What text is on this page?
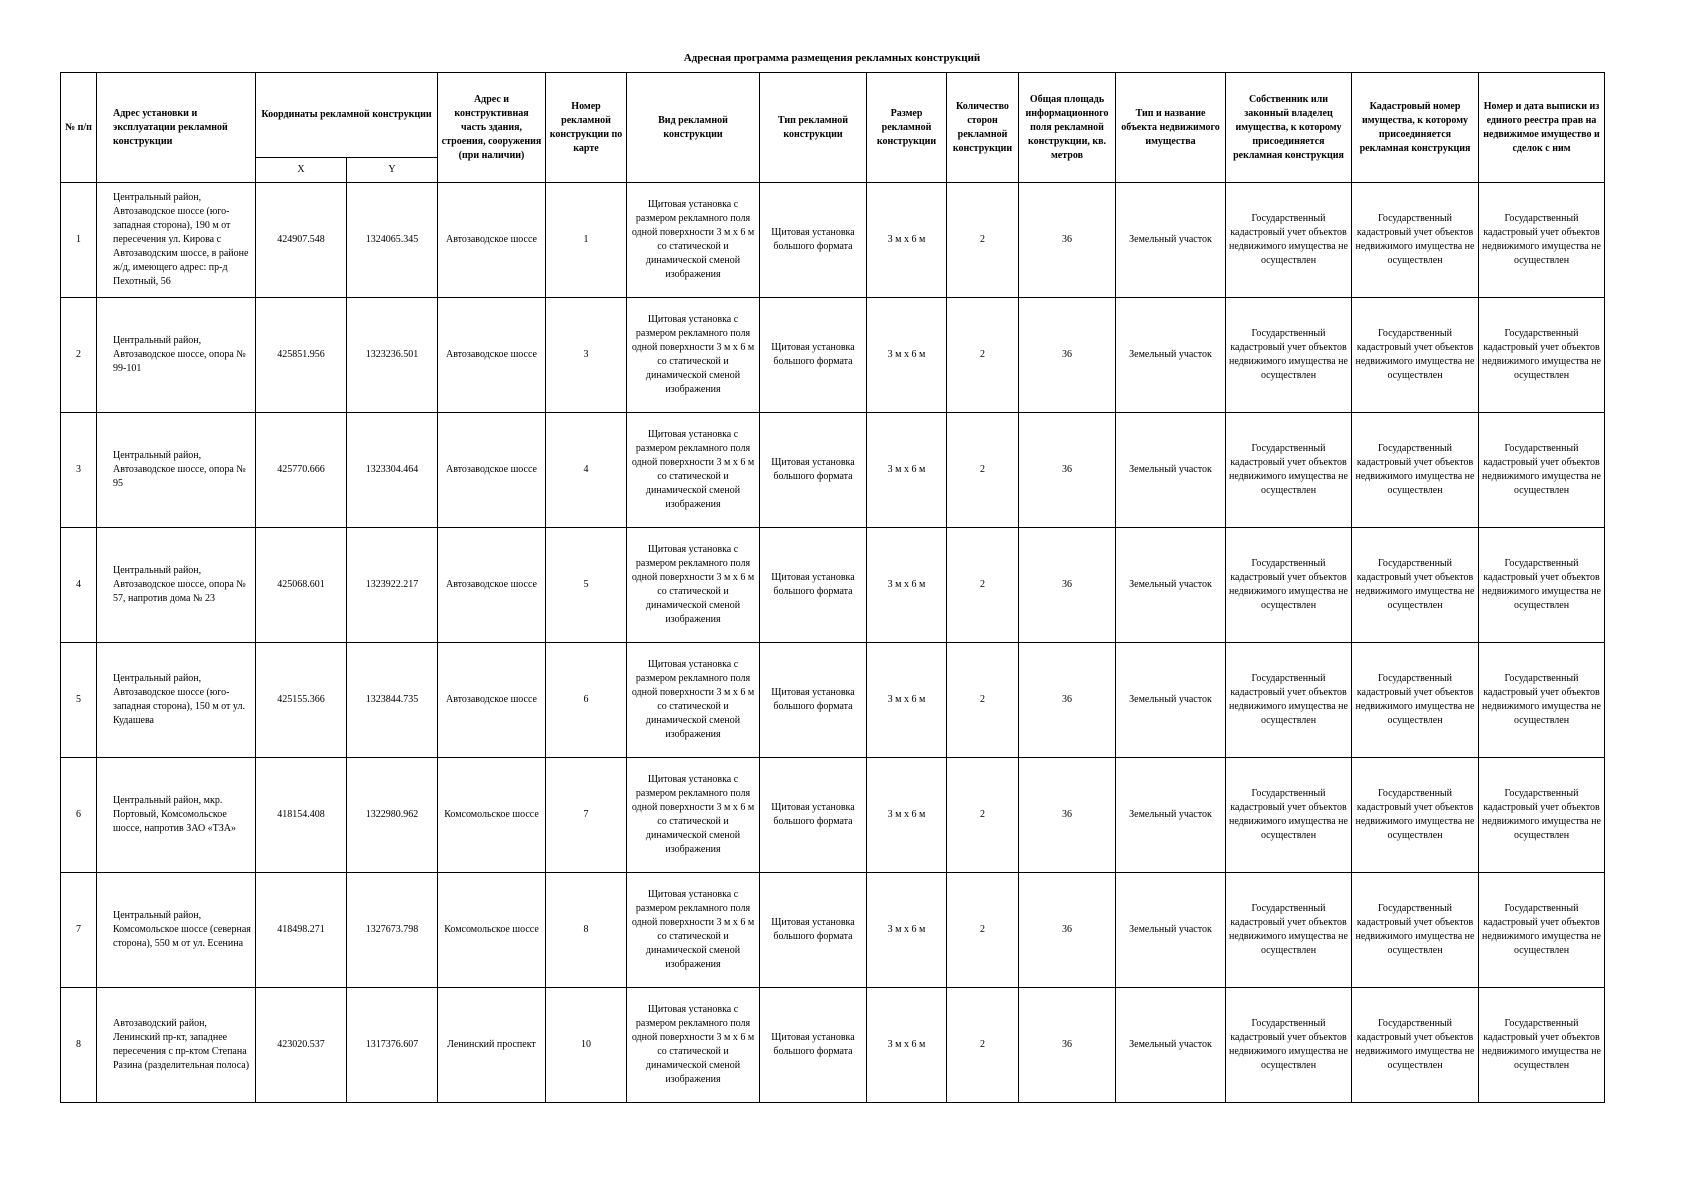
Адресная программа размещения рекламных конструкций
№ п/п	Адрес установки и эксплуатации рекламной конструкции	Координаты рекламной конструкции		Адрес и конструктивная часть здания, строения, сооружения (при наличии)	Номер рекламной конструкции по карте	Вид рекламной конструкции	Тип рекламной конструкции	Размер рекламной конструкции	Количество сторон рекламной конструкции	Общая площадь информационного поля рекламной конструкции, кв. метров	Тип и название объекта недвижимого имущества	Собственник или законный владелец имущества, к которому присоединяется рекламная конструкция	Кадастровый номер имущества, к которому присоединяется рекламная конструкция	Номер и дата выписки из единого реестра прав на недвижимое имущество и сделок с ним
		X	Y											
1	Центральный район, Автозаводское шоссе (юго-западная сторона), 190 м от пересечения ул. Кирова с Автозаводским шоссе, в районе ж/д, имеющего адрес: пр-д Пехотный, 56	424907.548	1324065.345	Автозаводское шоссе	1	Щитовая установка с размером рекламного поля одной поверхности 3 м х 6 м со статической и динамической сменой изображения	Щитовая установка большого формата	3 м х 6 м	2	36	Земельный участок	Государственный кадастровый учет объектов недвижимого имущества не осуществлен	Государственный кадастровый учет объектов недвижимого имущества не осуществлен	Государственный кадастровый учет объектов недвижимого имущества не осуществлен
2	Центральный район, Автозаводское шоссе, опора № 99-101	425851.956	1323236.501	Автозаводское шоссе	3	Щитовая установка с размером рекламного поля одной поверхности 3 м х 6 м со статической и динамической сменой изображения	Щитовая установка большого формата	3 м х 6 м	2	36	Земельный участок	Государственный кадастровый учет объектов недвижимого имущества не осуществлен	Государственный кадастровый учет объектов недвижимого имущества не осуществлен	Государственный кадастровый учет объектов недвижимого имущества не осуществлен
3	Центральный район, Автозаводское шоссе, опора № 95	425770.666	1323304.464	Автозаводское шоссе	4	Щитовая установка с размером рекламного поля одной поверхности 3 м х 6 м со статической и динамической сменой изображения	Щитовая установка большого формата	3 м х 6 м	2	36	Земельный участок	Государственный кадастровый учет объектов недвижимого имущества не осуществлен	Государственный кадастровый учет объектов недвижимого имущества не осуществлен	Государственный кадастровый учет объектов недвижимого имущества не осуществлен
4	Центральный район, Автозаводское шоссе, опора № 57, напротив дома № 23	425068.601	1323922.217	Автозаводское шоссе	5	Щитовая установка с размером рекламного поля одной поверхности 3 м х 6 м со статической и динамической сменой изображения	Щитовая установка большого формата	3 м х 6 м	2	36	Земельный участок	Государственный кадастровый учет объектов недвижимого имущества не осуществлен	Государственный кадастровый учет объектов недвижимого имущества не осуществлен	Государственный кадастровый учет объектов недвижимого имущества не осуществлен
5	Центральный район, Автозаводское шоссе (юго-западная сторона), 150 м от ул. Кудашева	425155.366	1323844.735	Автозаводское шоссе	6	Щитовая установка с размером рекламного поля одной поверхности 3 м х 6 м со статической и динамической сменой изображения	Щитовая установка большого формата	3 м х 6 м	2	36	Земельный участок	Государственный кадастровый учет объектов недвижимого имущества не осуществлен	Государственный кадастровый учет объектов недвижимого имущества не осуществлен	Государственный кадастровый учет объектов недвижимого имущества не осуществлен
6	Центральный район, мкр. Портовый, Комсомольское шоссе, напротив ЗАО «ТЗА»	418154.408	1322980.962	Комсомольское шоссе	7	Щитовая установка с размером рекламного поля одной поверхности 3 м х 6 м со статической и динамической сменой изображения	Щитовая установка большого формата	3 м х 6 м	2	36	Земельный участок	Государственный кадастровый учет объектов недвижимого имущества не осуществлен	Государственный кадастровый учет объектов недвижимого имущества не осуществлен	Государственный кадастровый учет объектов недвижимого имущества не осуществлен
7	Центральный район, Комсомольское шоссе (северная сторона), 550 м от ул. Есенина	418498.271	1327673.798	Комсомольское шоссе	8	Щитовая установка с размером рекламного поля одной поверхности 3 м х 6 м со статической и динамической сменой изображения	Щитовая установка большого формата	3 м х 6 м	2	36	Земельный участок	Государственный кадастровый учет объектов недвижимого имущества не осуществлен	Государственный кадастровый учет объектов недвижимого имущества не осуществлен	Государственный кадастровый учет объектов недвижимого имущества не осуществлен
8	Автозаводский район, Ленинский пр-кт, западнее пересечения с пр-ктом Степана Разина (разделительная полоса)	423020.537	1317376.607	Ленинский проспект	10	Щитовая установка с размером рекламного поля одной поверхности 3 м х 6 м со статической и динамической сменой изображения	Щитовая установка большого формата	3 м х 6 м	2	36	Земельный участок	Государственный кадастровый учет объектов недвижимого имущества не осуществлен	Государственный кадастровый учет объектов недвижимого имущества не осуществлен	Государственный кадастровый учет объектов недвижимого имущества не осуществлен
